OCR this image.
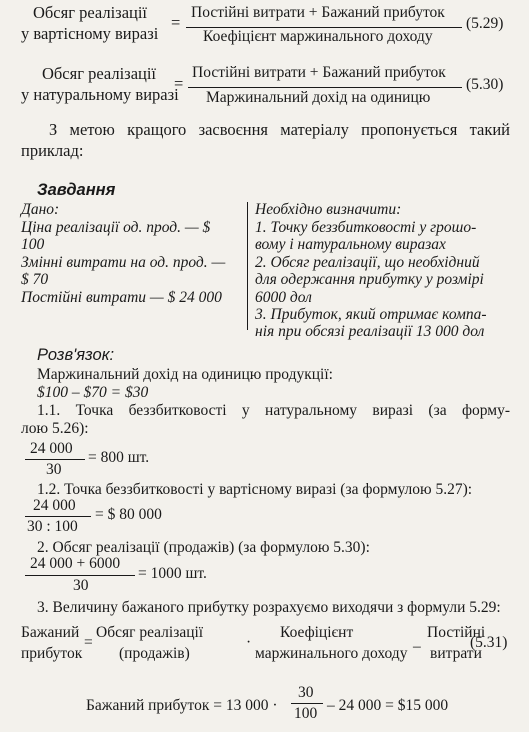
Обсяг реалізації
у вартісному виразі
=
Постійні витрати + Бажаний прибуток
Коефіцієнт маржинального доходу
(5.29)
Обсяг реалізації
у натуральному виразі
=
Постійні витрати + Бажаний прибуток
Маржинальний дохід на одиницю
(5.30)
З метою кращого засвоєння матеріалу пропонується такий
приклад:
Завдання
Дано:
Ціна реалізації од. прод. — $
100
Змінні витрати на од. прод. —
$ 70
Постійні витрати — $ 24 000
Необхідно визначити:
1. Точку беззбитковості у грошо-
вому і натуральному виразах
2. Обсяг реалізації, що необхідний
для одержання прибутку у розмірі
6000 дол
3. Прибуток, який отримає компа-
нія при обсязі реалізації 13 000 дол
Розв'язок:
Маржинальний дохід на одиницю продукції:
$100 – $70 = $30
1.1. Точка беззбитковості у натуральному виразі (за форму-
лою 5.26):
24 000
30
= 800 шт.
1.2. Точка беззбитковості у вартісному виразі (за формулою 5.27):
24 000
30 : 100
= $ 80 000
2. Обсяг реалізації (продажів) (за формулою 5.30):
24 000 + 6000
30
= 1000 шт.
3. Величину бажаного прибутку розрахуємо виходячи з формули 5.29:
Бажаний
прибуток
=
Обсяг реалізації
(продажів)
·
Коефіцієнт
маржинального доходу –
Постійні
витрати
(5.31)
Бажаний прибуток = 13 000 ·
30
100 – 24 000 = $15 000
